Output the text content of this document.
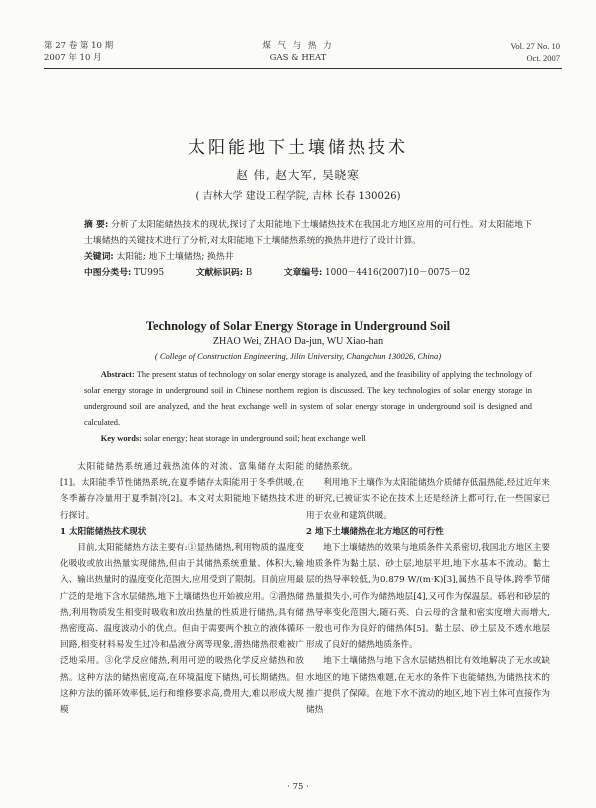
第 27 卷 第 10 期
2007 年 10 月
煤 气 与 热 力
GAS & HEAT
Vol. 27 No. 10
Oct. 2007
太阳能地下土壤储热技术
赵 伟, 赵大军, 吴晓寒
( 吉林大学 建设工程学院, 吉林 长春 130026)
摘 要: 分析了太阳能储热技术的现状,探讨了太阳能地下土壤储热技术在我国北方地区应用的可行性。对太阳能地下土壤储热的关键技术进行了分析,对太阳能地下土壤储热系统的换热井进行了设计计算。
关键词: 太阳能; 地下土壤储热; 换热井
中图分类号: TU995	文献标识码: B	文章编号: 1000－4416(2007)10－0075－02
Technology of Solar Energy Storage in Underground Soil
ZHAO Wei, ZHAO Da-jun, WU Xiao-han
( College of Construction Engineering, Jilin University, Changchun 130026, China)
Abstract: The present status of technology on solar energy storage is analyzed, and the feasibility of applying the technology of solar energy storage in underground soil in Chinese northern region is discussed. The key technologies of solar energy storage in underground soil are analyzed, and the heat exchange well in system of solar energy storage in underground soil is designed and calculated.
Key words: solar energy; heat storage in underground soil; heat exchange well

太阳能储热系统通过载热流体的对流、富集储存太阳能[1]。太阳能季节性储热系统,在夏季储存太阳能用于冬季供暖,在冬季蓄存冷量用于夏季制冷[2]。本文对太阳能地下储热技术进行探讨。

1 太阳能储热技术现状

目前,太阳能储热方法主要有:①显热储热,利用物质的温度变化吸收或放出热量实现储热,但由于其储热系统重量、体积大,输入、输出热量时的温度变化范围大,应用受到了限制。目前应用最广泛的是地下含水层储热,地下土壤储热也开始被应用。②潜热储热,利用物质发生相变时吸收和放出热量的性质进行储热,具有储热密度高、温度波动小的优点。但由于需要两个独立的液体循环回路,相变材料易发生过冷和晶液分离等现象,潜热储热很难被广泛地采用。③化学反应储热,利用可逆的吸热化学反应储热和放热。这种方法的储热密度高,在环境温度下储热,可长期储热。但这种方法的循环效率低,运行和维修要求高,费用大,难以形成大规模

的储热系统。

利用地下土壤作为太阳能储热介质储存低温热能,经过近年来的研究,已被证实不论在技术上还是经济上都可行,在一些国家已用于农业和建筑供暖。

2 地下土壤储热在北方地区的可行性

地下土壤储热的效果与地质条件关系密切,我国北方地区主要地质条件为黏土层、砂土层,地层平坦,地下水基本不流动。黏土层的热导率较低,为0.879 W/(m·K)[3],属热不良导体,跨季节储热量损失小,可作为储热地层[4],又可作为保温层。砾岩和砂层的热导率变化范围大,随石英、白云母的含量和密实度增大而增大,一般也可作为良好的储热体[5]。黏土层、砂土层及不透水地层形成了良好的储热地质条件。

地下土壤储热与地下含水层储热相比有效地解决了无水或缺水地区的地下储热难题,在无水的条件下也能储热,为储热技术的推广提供了保障。在地下水不流动的地区,地下岩土体可直接作为储热

· 75 ·
